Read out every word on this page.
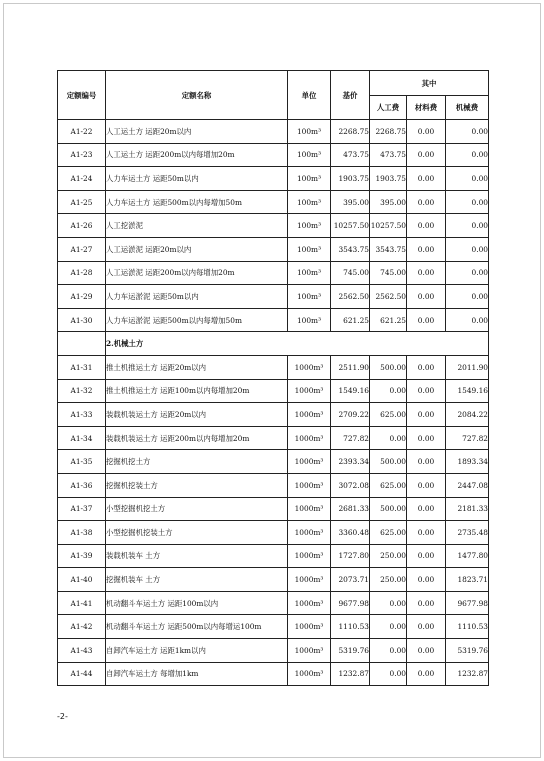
定额编号	定额名称	单位	基价	其中		
				人工费	材料费	机械费
A1-22	人工运土方 运距20m以内	100m³	2268.75	2268.75	0.00	0.00
A1-23	人工运土方 运距200m以内每增加20m	100m³	473.75	473.75	0.00	0.00
A1-24	人力车运土方 运距50m以内	100m³	1903.75	1903.75	0.00	0.00
A1-25	人力车运土方 运距500m以内每增加50m	100m³	395.00	395.00	0.00	0.00
A1-26	人工挖淤泥	100m³	10257.50	10257.50	0.00	0.00
A1-27	人工运淤泥 运距20m以内	100m³	3543.75	3543.75	0.00	0.00
A1-28	人工运淤泥 运距200m以内每增加20m	100m³	745.00	745.00	0.00	0.00
A1-29	人力车运淤泥 运距50m以内	100m³	2562.50	2562.50	0.00	0.00
A1-30	人力车运淤泥 运距500m以内每增加50m	100m³	621.25	621.25	0.00	0.00
	2.机械土方					
A1-31	推土机推运土方 运距20m以内	1000m³	2511.90	500.00	0.00	2011.90
A1-32	推土机推运土方 运距100m以内每增加20m	1000m³	1549.16	0.00	0.00	1549.16
A1-33	装载机装运土方 运距20m以内	1000m³	2709.22	625.00	0.00	2084.22
A1-34	装载机装运土方 运距200m以内每增加20m	1000m³	727.82	0.00	0.00	727.82
A1-35	挖掘机挖土方	1000m³	2393.34	500.00	0.00	1893.34
A1-36	挖掘机挖装土方	1000m³	3072.08	625.00	0.00	2447.08
A1-37	小型挖掘机挖土方	1000m³	2681.33	500.00	0.00	2181.33
A1-38	小型挖掘机挖装土方	1000m³	3360.48	625.00	0.00	2735.48
A1-39	装载机装车 土方	1000m³	1727.80	250.00	0.00	1477.80
A1-40	挖掘机装车 土方	1000m³	2073.71	250.00	0.00	1823.71
A1-41	机动翻斗车运土方 运距100m以内	1000m³	9677.98	0.00	0.00	9677.98
A1-42	机动翻斗车运土方 运距500m以内每增运100m	1000m³	1110.53	0.00	0.00	1110.53
A1-43	自卸汽车运土方 运距1km以内	1000m³	5319.76	0.00	0.00	5319.76
A1-44	自卸汽车运土方 每增加1km	1000m³	1232.87	0.00	0.00	1232.87
-2-
